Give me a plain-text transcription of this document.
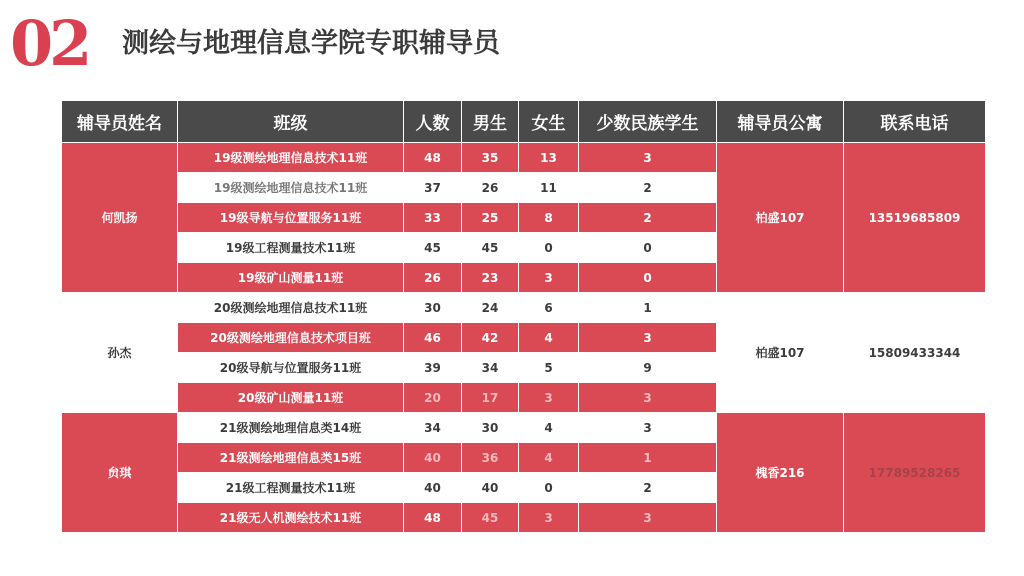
02 测绘与地理信息学院专职辅导员
辅导员姓名	班级	人数	男生	女生	少数民族学生	辅导员公寓	联系电话
何凯扬	19级测绘地理信息技术11班	48	35	13	3	柏盛107	13519685809
	19级测绘地理信息技术11班	37	26	11	2		
	19级导航与位置服务11班	33	25	8	2		
	19级工程测量技术11班	45	45	0	0		
	19级矿山测量11班	26	23	3	0		
孙杰	20级测绘地理信息技术11班	30	24	6	1	柏盛107	15809433344
	20级测绘地理信息技术项目班	46	42	4	3		
	20级导航与位置服务11班	39	34	5	9		
	20级矿山测量11班	20	17	3	3		
贠琪	21级测绘地理信息类14班	34	30	4	3	槐香216	17789528265
	21级测绘地理信息类15班	40	36	4	1		
	21级工程测量技术11班	40	40	0	2		
	21级无人机测绘技术11班	48	45	3	3		
